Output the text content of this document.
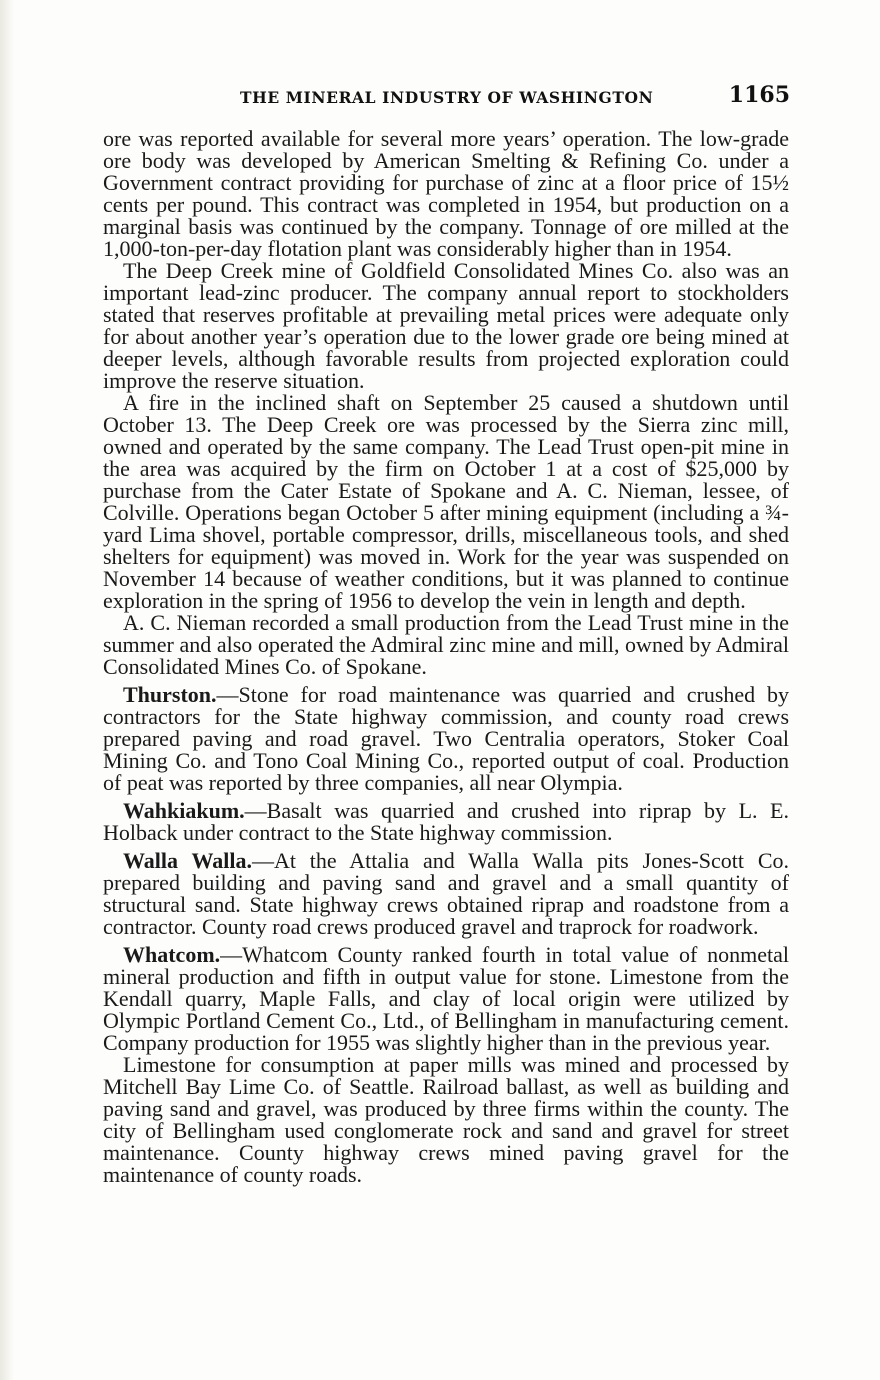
THE MINERAL INDUSTRY OF WASHINGTON	1165

ore was reported available for several more years’ operation. The low-grade ore body was developed by American Smelting & Refining Co. under a Government contract providing for purchase of zinc at a floor price of 15½ cents per pound. This contract was completed in 1954, but production on a marginal basis was continued by the company. Tonnage of ore milled at the 1,000-ton-per-day flotation plant was considerably higher than in 1954.

The Deep Creek mine of Goldfield Consolidated Mines Co. also was an important lead-zinc producer. The company annual report to stockholders stated that reserves profitable at prevailing metal prices were adequate only for about another year’s operation due to the lower grade ore being mined at deeper levels, although favorable results from projected exploration could improve the reserve situation.

A fire in the inclined shaft on September 25 caused a shutdown until October 13. The Deep Creek ore was processed by the Sierra zinc mill, owned and operated by the same company. The Lead Trust open-pit mine in the area was acquired by the firm on October 1 at a cost of $25,000 by purchase from the Cater Estate of Spokane and A. C. Nieman, lessee, of Colville. Operations began October 5 after mining equipment (including a ¾-yard Lima shovel, portable compressor, drills, miscellaneous tools, and shed shelters for equipment) was moved in. Work for the year was suspended on November 14 because of weather conditions, but it was planned to continue exploration in the spring of 1956 to develop the vein in length and depth.

A. C. Nieman recorded a small production from the Lead Trust mine in the summer and also operated the Admiral zinc mine and mill, owned by Admiral Consolidated Mines Co. of Spokane.

Thurston.—Stone for road maintenance was quarried and crushed by contractors for the State highway commission, and county road crews prepared paving and road gravel. Two Centralia operators, Stoker Coal Mining Co. and Tono Coal Mining Co., reported output of coal. Production of peat was reported by three companies, all near Olympia.

Wahkiakum.—Basalt was quarried and crushed into riprap by L. E. Holback under contract to the State highway commission.

Walla Walla.—At the Attalia and Walla Walla pits Jones-Scott Co. prepared building and paving sand and gravel and a small quantity of structural sand. State highway crews obtained riprap and roadstone from a contractor. County road crews produced gravel and traprock for roadwork.

Whatcom.—Whatcom County ranked fourth in total value of nonmetal mineral production and fifth in output value for stone. Limestone from the Kendall quarry, Maple Falls, and clay of local origin were utilized by Olympic Portland Cement Co., Ltd., of Bellingham in manufacturing cement. Company production for 1955 was slightly higher than in the previous year.

Limestone for consumption at paper mills was mined and processed by Mitchell Bay Lime Co. of Seattle. Railroad ballast, as well as building and paving sand and gravel, was produced by three firms within the county. The city of Bellingham used conglomerate rock and sand and gravel for street maintenance. County highway crews mined paving gravel for the maintenance of county roads.
